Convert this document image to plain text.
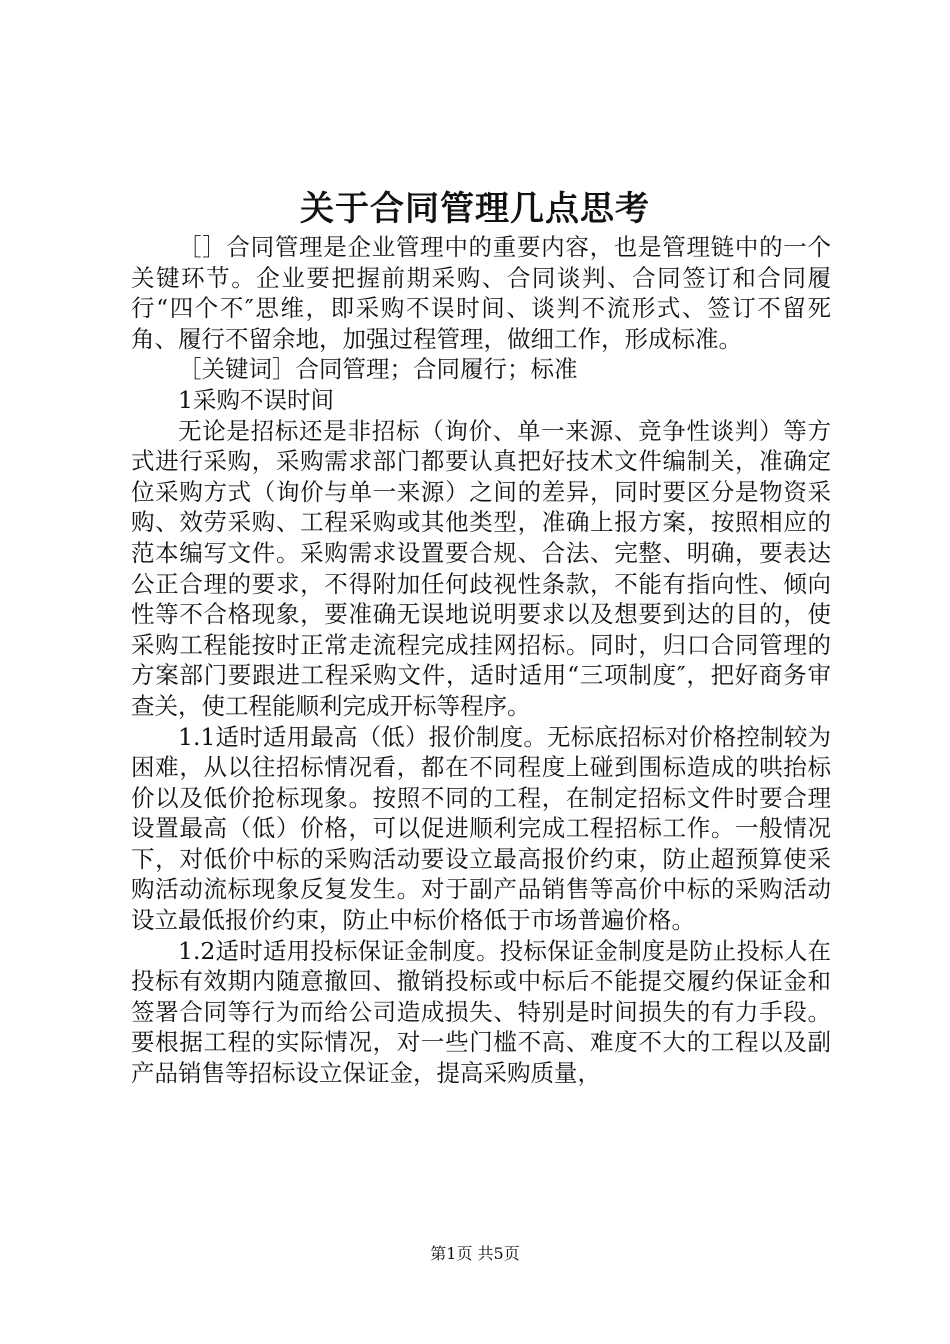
关于合同管理几点思考

［］合同管理是企业管理中的重要内容，也是管理链中的一个关键环节。企业要把握前期采购、合同谈判、合同签订和合同履行“四个不″思维，即采购不误时间、谈判不流形式、签订不留死角、履行不留余地，加强过程管理，做细工作，形成标准。

［关键词］合同管理；合同履行；标准

1采购不误时间

无论是招标还是非招标（询价、单一来源、竞争性谈判）等方式进行采购，采购需求部门都要认真把好技术文件编制关，准确定位采购方式（询价与单一来源）之间的差异，同时要区分是物资采购、效劳采购、工程采购或其他类型，准确上报方案，按照相应的范本编写文件。采购需求设置要合规、合法、完整、明确，要表达公正合理的要求，不得附加任何歧视性条款，不能有指向性、倾向性等不合格现象，要准确无误地说明要求以及想要到达的目的，使采购工程能按时正常走流程完成挂网招标。同时，归口合同管理的方案部门要跟进工程采购文件，适时适用“三项制度″，把好商务审查关，使工程能顺利完成开标等程序。

1.1适时适用最高（低）报价制度。无标底招标对价格控制较为困难，从以往招标情况看，都在不同程度上碰到围标造成的哄抬标价以及低价抢标现象。按照不同的工程，在制定招标文件时要合理设置最高（低）价格，可以促进顺利完成工程招标工作。一般情况下，对低价中标的采购活动要设立最高报价约束，防止超预算使采购活动流标现象反复发生。对于副产品销售等高价中标的采购活动设立最低报价约束，防止中标价格低于市场普遍价格。

1.2适时适用投标保证金制度。投标保证金制度是防止投标人在投标有效期内随意撤回、撤销投标或中标后不能提交履约保证金和签署合同等行为而给公司造成损失、特别是时间损失的有力手段。要根据工程的实际情况，对一些门槛不高、难度不大的工程以及副产品销售等招标设立保证金，提高采购质量，

第1页 共5页
